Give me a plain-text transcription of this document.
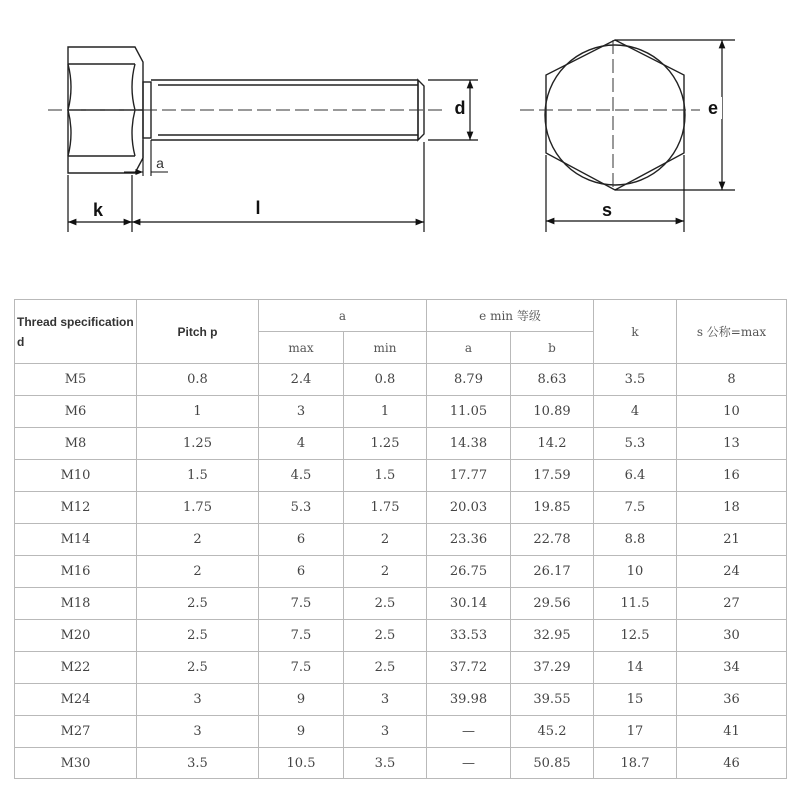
d
a
k	l
e
s
Thread specification
d	Pitch p	a		e min 等级		k	s 公称=max
		max	min	a	b		
M5	0.8	2.4	0.8	8.79	8.63	3.5	8
M6	1	3	1	11.05	10.89	4	10
M8	1.25	4	1.25	14.38	14.2	5.3	13
M10	1.5	4.5	1.5	17.77	17.59	6.4	16
M12	1.75	5.3	1.75	20.03	19.85	7.5	18
M14	2	6	2	23.36	22.78	8.8	21
M16	2	6	2	26.75	26.17	10	24
M18	2.5	7.5	2.5	30.14	29.56	11.5	27
M20	2.5	7.5	2.5	33.53	32.95	12.5	30
M22	2.5	7.5	2.5	37.72	37.29	14	34
M24	3	9	3	39.98	39.55	15	36
M27	3	9	3	—	45.2	17	41
M30	3.5	10.5	3.5	—	50.85	18.7	46
